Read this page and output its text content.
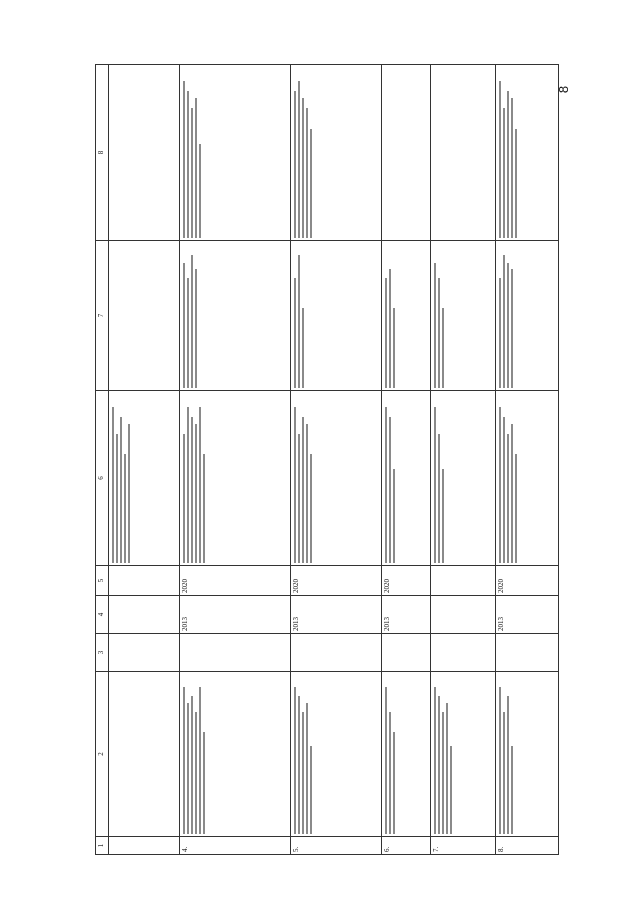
8
1	2	3	4	5	6	7	8

4.			2013	2020	

5.			2013	2020	

6.			2013	2020	

7.	

8.			2013	2020	
